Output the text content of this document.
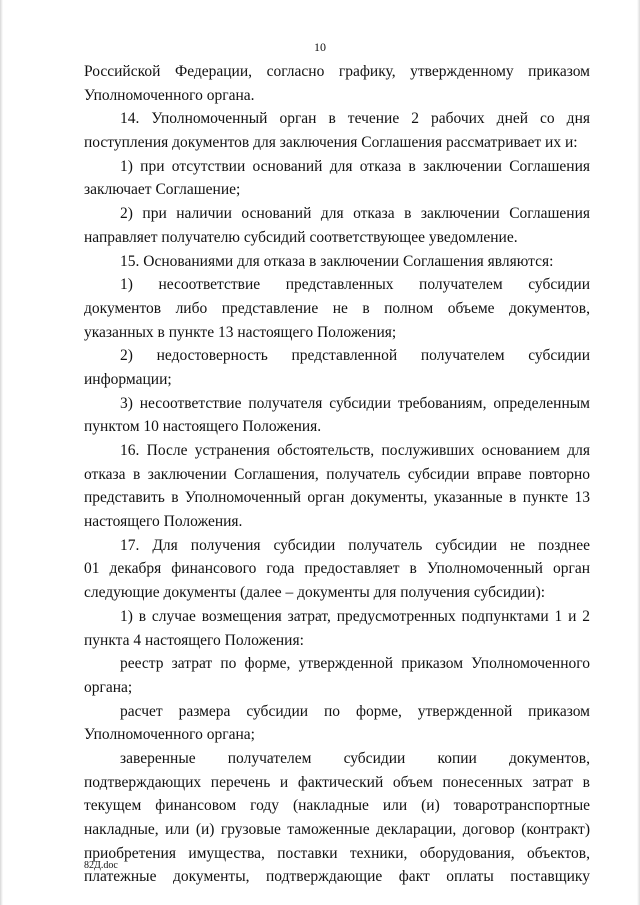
10
Российской Федерации, согласно графику, утвержденному приказом
Уполномоченного органа.
14. Уполномоченный орган в течение 2 рабочих дней со дня
поступления документов для заключения Соглашения рассматривает их и:
1) при отсутствии оснований для отказа в заключении Соглашения
заключает Соглашение;
2) при наличии оснований для отказа в заключении Соглашения
направляет получателю субсидий соответствующее уведомление.
15. Основаниями для отказа в заключении Соглашения являются:
1) несоответствие представленных получателем субсидии
документов либо представление не в полном объеме документов,
указанных в пункте 13 настоящего Положения;
2) недостоверность представленной получателем субсидии
информации;
3) несоответствие получателя субсидии требованиям, определенным
пунктом 10 настоящего Положения.
16. После устранения обстоятельств, послуживших основанием для
отказа в заключении Соглашения, получатель субсидии вправе повторно
представить в Уполномоченный орган документы, указанные в пункте 13
настоящего Положения.
17. Для получения субсидии получатель субсидии не позднее
01 декабря финансового года предоставляет в Уполномоченный орган
следующие документы (далее – документы для получения субсидии):
1) в случае возмещения затрат, предусмотренных подпунктами 1 и 2
пункта 4 настоящего Положения:
реестр затрат по форме, утвержденной приказом Уполномоченного
органа;
расчет размера субсидии по форме, утвержденной приказом
Уполномоченного органа;
заверенные получателем субсидии копии документов,
подтверждающих перечень и фактический объем понесенных затрат в
текущем финансовом году (накладные или (и) товаротранспортные
накладные, или (и) грузовые таможенные декларации, договор (контракт)
приобретения имущества, поставки техники, оборудования, объектов,
платежные документы, подтверждающие факт оплаты поставщику
82Д.doc
